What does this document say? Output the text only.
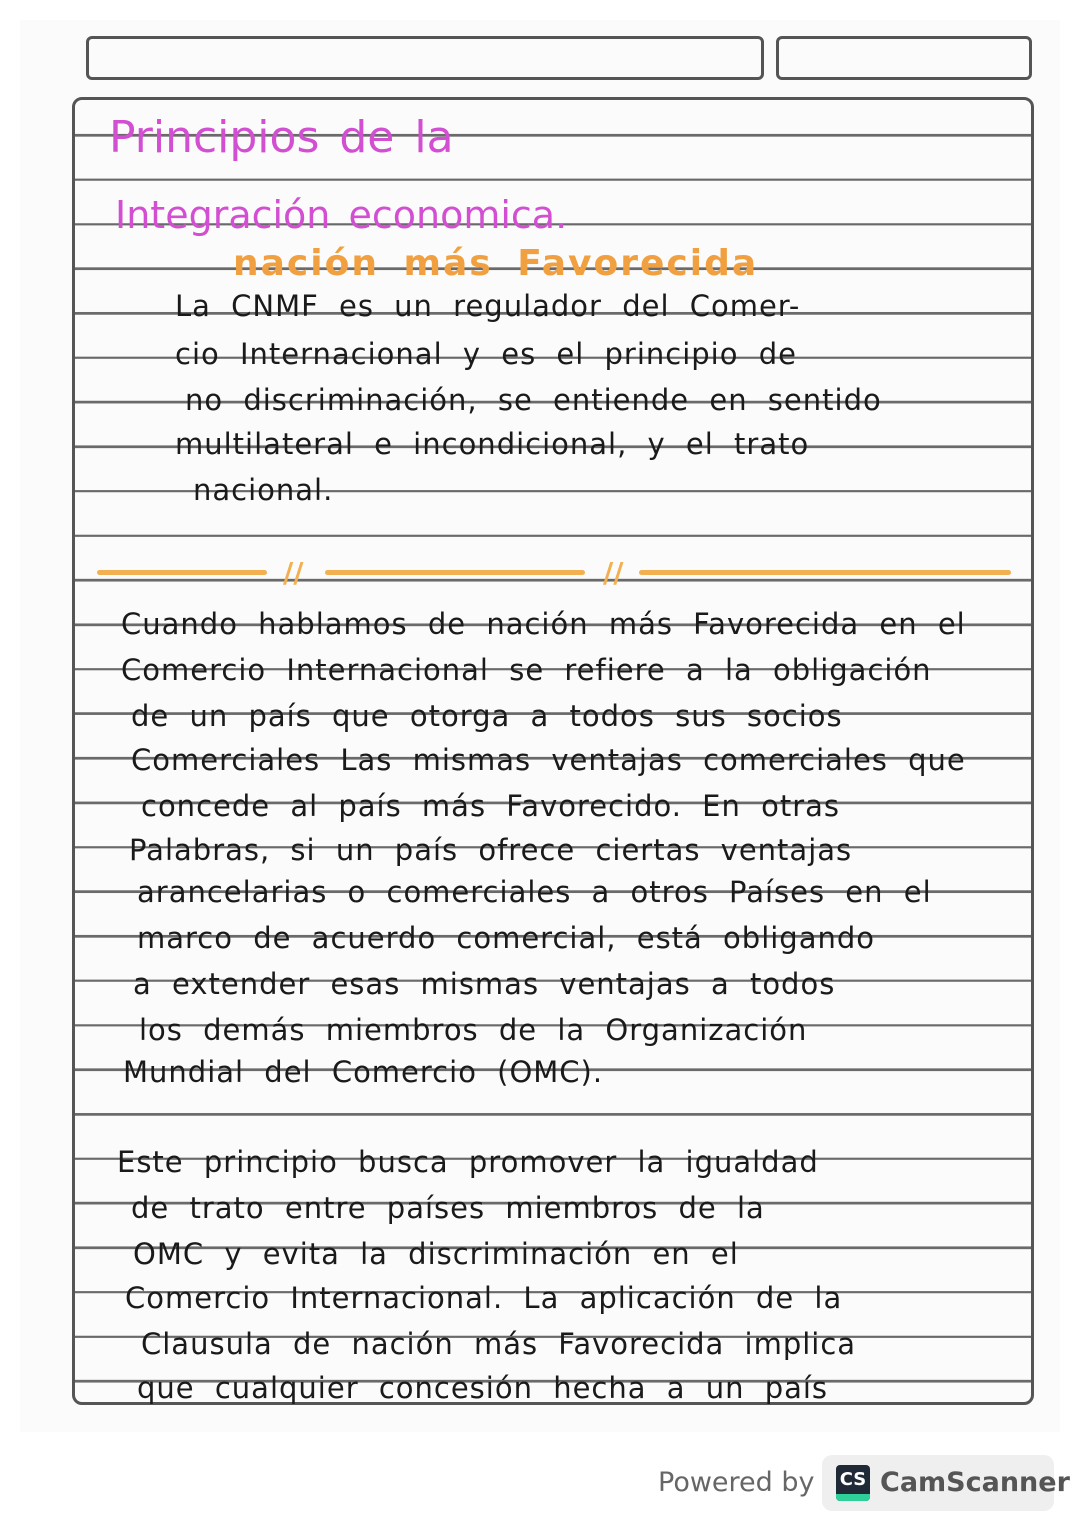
Principios de la
Integración economica.
nación más Favorecida
La CNMF es un regulador del Comer-
cio Internacional y es el principio de
no discriminación, se entiende en sentido
multilateral e incondicional, y el trato
nacional.
//	//
Cuando hablamos de nación más Favorecida en el
Comercio Internacional se refiere a la obligación
de un país que otorga a todos sus socios
Comerciales Las mismas ventajas comerciales que
concede al país más Favorecido. En otras
Palabras, si un país ofrece ciertas ventajas
arancelarias o comerciales a otros Países en el
marco de acuerdo comercial, está obligando
a extender esas mismas ventajas a todos
los demás miembros de la Organización
Mundial del Comercio (OMC).
Este principio busca promover la igualdad
de trato entre países miembros de la
OMC y evita la discriminación en el
Comercio Internacional. La aplicación de la
Clausula de nación más Favorecida implica
que cualquier concesión hecha a un país
Powered by CS CamScanner
